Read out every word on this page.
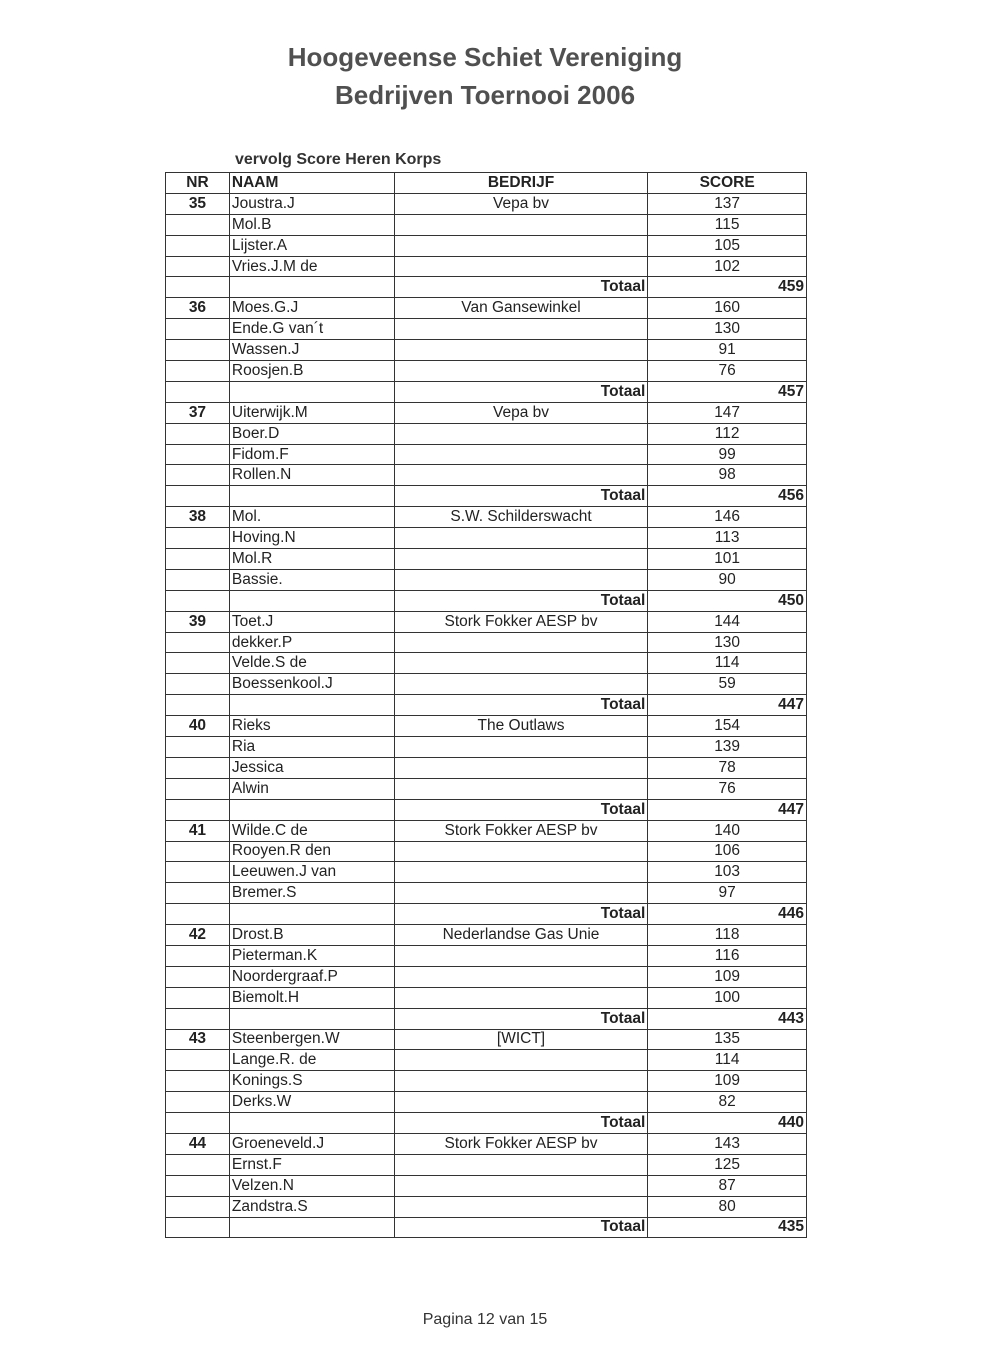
Hoogeveense Schiet Vereniging
Bedrijven Toernooi 2006
vervolg Score Heren Korps
NR	NAAM	BEDRIJF	SCORE
35	Joustra.J	Vepa bv	137
	Mol.B		115
	Lijster.A		105
	Vries.J.M de		102
		Totaal	459
36	Moes.G.J	Van Gansewinkel	160
	Ende.G van´t		130
	Wassen.J		91
	Roosjen.B		76
		Totaal	457
37	Uiterwijk.M	Vepa bv	147
	Boer.D		112
	Fidom.F		99
	Rollen.N		98
		Totaal	456
38	Mol.	S.W. Schilderswacht	146
	Hoving.N		113
	Mol.R		101
	Bassie.		90
		Totaal	450
39	Toet.J	Stork Fokker AESP bv	144
	dekker.P		130
	Velde.S de		114
	Boessenkool.J		59
		Totaal	447
40	Rieks	The Outlaws	154
	Ria		139
	Jessica		78
	Alwin		76
		Totaal	447
41	Wilde.C de	Stork Fokker AESP bv	140
	Rooyen.R den		106
	Leeuwen.J van		103
	Bremer.S		97
		Totaal	446
42	Drost.B	Nederlandse Gas Unie	118
	Pieterman.K		116
	Noordergraaf.P		109
	Biemolt.H		100
		Totaal	443
43	Steenbergen.W	[WICT]	135
	Lange.R. de		114
	Konings.S		109
	Derks.W		82
		Totaal	440
44	Groeneveld.J	Stork Fokker AESP bv	143
	Ernst.F		125
	Velzen.N		87
	Zandstra.S		80
		Totaal	435
Pagina 12 van 15
